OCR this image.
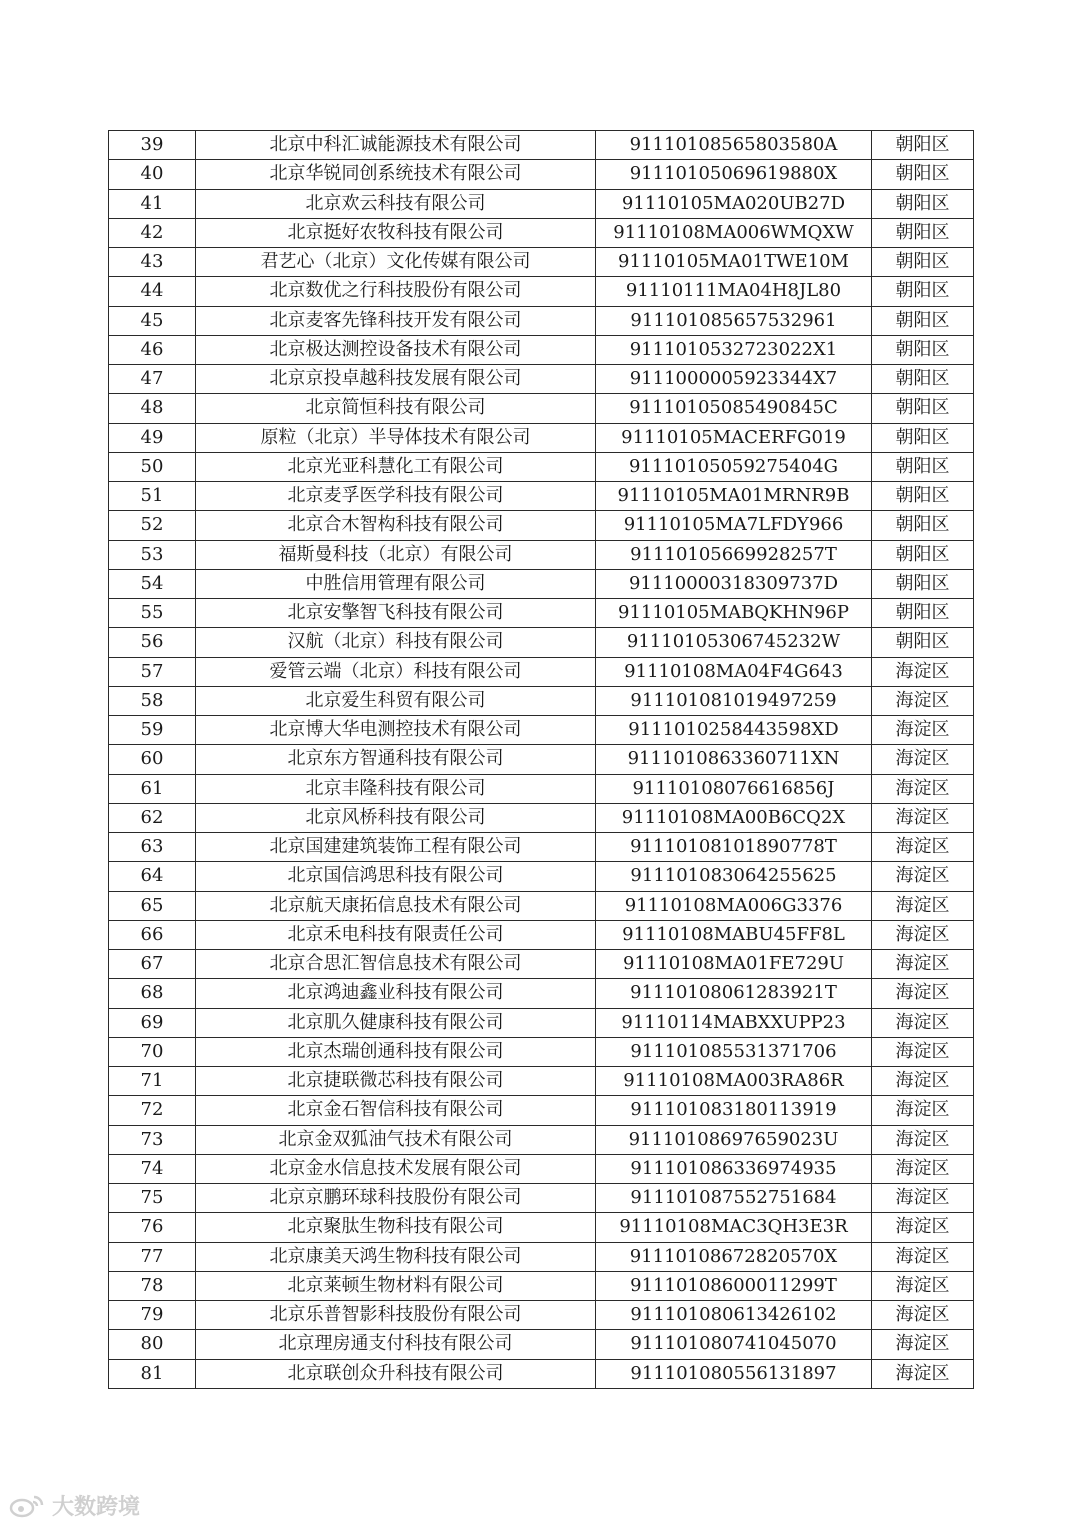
39	北京中科汇诚能源技术有限公司	91110108565803580A	朝阳区
40	北京华锐同创系统技术有限公司	91110105069619880X	朝阳区
41	北京欢云科技有限公司	91110105MA020UB27D	朝阳区
42	北京挺好农牧科技有限公司	91110108MA006WMQXW	朝阳区
43	君艺心（北京）文化传媒有限公司	91110105MA01TWE10M	朝阳区
44	北京数优之行科技股份有限公司	91110111MA04H8JL80	朝阳区
45	北京麦客先锋科技开发有限公司	911101085657532961	朝阳区
46	北京极达测控设备技术有限公司	9111010532723022X1	朝阳区
47	北京京投卓越科技发展有限公司	9111000005923344X7	朝阳区
48	北京简恒科技有限公司	91110105085490845C	朝阳区
49	原粒（北京）半导体技术有限公司	91110105MACERFG019	朝阳区
50	北京光亚科慧化工有限公司	91110105059275404G	朝阳区
51	北京麦孚医学科技有限公司	91110105MA01MRNR9B	朝阳区
52	北京合木智构科技有限公司	91110105MA7LFDY966	朝阳区
53	福斯曼科技（北京）有限公司	91110105669928257T	朝阳区
54	中胜信用管理有限公司	91110000318309737D	朝阳区
55	北京安擎智飞科技有限公司	91110105MABQKHN96P	朝阳区
56	汉航（北京）科技有限公司	91110105306745232W	朝阳区
57	爱管云端（北京）科技有限公司	91110108MA04F4G643	海淀区
58	北京爱生科贸有限公司	911101081019497259	海淀区
59	北京博大华电测控技术有限公司	9111010258443598XD	海淀区
60	北京东方智通科技有限公司	9111010863360711XN	海淀区
61	北京丰隆科技有限公司	91110108076616856J	海淀区
62	北京风桥科技有限公司	91110108MA00B6CQ2X	海淀区
63	北京国建建筑装饰工程有限公司	91110108101890778T	海淀区
64	北京国信鸿思科技有限公司	911101083064255625	海淀区
65	北京航天康拓信息技术有限公司	91110108MA006G3376	海淀区
66	北京禾电科技有限责任公司	91110108MABU45FF8L	海淀区
67	北京合思汇智信息技术有限公司	91110108MA01FE729U	海淀区
68	北京鸿迪鑫业科技有限公司	91110108061283921T	海淀区
69	北京肌久健康科技有限公司	91110114MABXXUPP23	海淀区
70	北京杰瑞创通科技有限公司	911101085531371706	海淀区
71	北京捷联微芯科技有限公司	91110108MA003RA86R	海淀区
72	北京金石智信科技有限公司	911101083180113919	海淀区
73	北京金双狐油气技术有限公司	91110108697659023U	海淀区
74	北京金水信息技术发展有限公司	911101086336974935	海淀区
75	北京京鹏环球科技股份有限公司	911101087552751684	海淀区
76	北京聚肽生物科技有限公司	91110108MAC3QH3E3R	海淀区
77	北京康美天鸿生物科技有限公司	91110108672820570X	海淀区
78	北京莱顿生物材料有限公司	91110108600011299T	海淀区
79	北京乐普智影科技股份有限公司	911101080613426102	海淀区
80	北京理房通支付科技有限公司	911101080741045070	海淀区
81	北京联创众升科技有限公司	911101080556131897	海淀区
大数跨境
